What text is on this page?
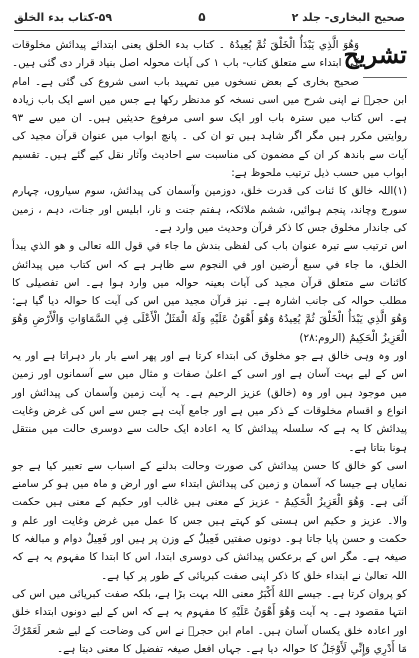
صحیح البخاری- جلد ۲
۵
۵۹-کتاب بدء الخلق
تشریح

وَهُوَ الَّذِي يَبْدَأُ الْخَلْقَ ثُمَّ يُعِيدُهُ ۔ کتاب بدء الخلق یعنی ابتدائے پیدائش مخلوقات کی ابتداء سے متعلق کتاب- باب ۱ کی آیات محولہ اصل بنیاد قرار دی گئی ہیں۔ صحیح بخاری کے بعض نسخوں میں تمہید باب اسی شروع کی گئی ہے۔ امام ابن حجرؒ نے اپنی شرح میں اسی نسخہ کو مدنظر رکھا ہے جس میں اسے ایک باب زیادہ ہے۔ اس کتاب میں سترہ باب اور ایک سو اسی مرفوع حدیثیں ہیں۔ ان میں سے ۹۳ روایتیں مکرر ہیں مگر اگر شاہد ہیں تو ان کی ۔ پانچ ابواب میں عنوان قرآن مجید کی آیات سے باندھ کر ان کے مضمون کی مناسبت سے احادیث وآثار نقل کیے گئے ہیں۔ تقسیم ابواب میں حسب ذیل ترتیب ملحوظ ہے:

(۱)اللہ خالق کا ئنات کی قدرت خلق، دوزمین وآسمان کی پیدائش، سوم سیاروں، چہارم سورج وچاند، پنجم ہوائیں، ششم ملائکہ، ہفتم جنت و نار، ابلیس اور جنات، دہم ، زمین کی جاندار مخلوق جس کا ذکر قرآن وحدیث میں وارد ہے۔

اس ترتیب سے تیرہ عنوان باب کی لفظی بندش ما جاء في قول الله تعالى و هو الذي يبدأ الخلق، ما جاء في سبع أرضين اور في النجوم سے ظاہر ہے کہ اس کتاب میں پیدائش کائنات سے متعلق قرآن مجید کی آیات بعینہ حوالہ میں وارد ہوا ہے۔ اس تفصیلی کا مطلب حوالہ کی جانب اشارہ ہے۔ نیز قرآن مجید میں اس کی آیت کا حوالہ دیا گیا ہے: وَهُوَ الَّذِي يَبْدَأُ الْخَلْقَ ثُمَّ يُعِيدُهُ وَهُوَ أَهْوَنُ عَلَيْهِ وَلَهُ الْمَثَلُ الْأَعْلَى فِي السَّمَاوَاتِ وَالْأَرْضِ وَهُوَ الْعَزِيزُ الْحَكِيمُ (الروم:۲۸)

اور وہ وہی خالق ہے جو مخلوق کی ابتداء کرتا ہے اور پھر اسے بار بار دہراتا ہے اور یہ اس کے لیے بہت آسان ہے اور اسی کے اعلیٰ صفات و مثال میں سے آسمانوں اور زمین میں موجود ہیں اور وہ (خالق) عزیز الرحیم ہے۔ یہ آیت زمین وآسمان کی پیدائش اور انواع و اقسام مخلوقات کے ذکر میں ہے اور جامع آیت ہے جس سے اس کی غرض وغایت پیدائش کا یہ ہے کہ سلسلہ پیدائش کا یہ اعادہ ایک حالت سے دوسری حالت میں منتقل ہونا بتاتا ہے۔

اسی کو خالق کا حسن پیدائش کی صورت وحالت بدلنے کے اسباب سے تعبیر کیا ہے جو نمایاں ہے جیسا کہ آسمان و زمین کی پیدائش ابتداء سے اور ارض و ماہ میں ہو کر سامنے آئی ہے۔ وَهُوَ الْعَزِيزُ الْحَكِيمُ - عزیز کے معنی ہیں غالب اور حکیم کے معنی ہیں حکمت والا۔ عزیز و حکیم اس ہستی کو کہتے ہیں جس کا عمل میں غرض وغایت اور علم و حکمت و حسن پایا جاتا ہو۔ دونوں صفتیں فَعِيلٌ کے وزن پر ہیں اور فَعِيلٌ دوام و مبالغہ کا صیغہ ہے۔ مگر اس کے برعکس پیدائش کی دوسری ابتدا، اس کا ابتدا کا مفہوم یہ ہے کہ اللہ تعالیٰ نے ابتداء خلق کا ذکر اپنی صفت کبریائی کے طور پر کیا ہے۔

کو پروان کرتا ہے۔ جیسے اللهُ أَكْبَرُ معنی اللہ بہت بڑا ہے، بلکہ صفت کبریائی میں اس کی انتہا مقصود ہے۔ یہ آیت وَهُوَ أَهْوَنُ عَلَيْهِ کا مفہوم یہ ہے کہ اس کے لیے دونوں ابتداء خلق اور اعادہ خلق یکساں آسان ہیں۔ امام ابن حجرؒ نے اس کی وضاحت کے لیے شعر لَعَمْرُكَ مَا أَدْرِي وَإِنِّي لَأَوْجَلُ کا حوالہ دیا ہے۔ جہاں افعل صیغہ تفضیل کا معنی دیتا ہے۔
